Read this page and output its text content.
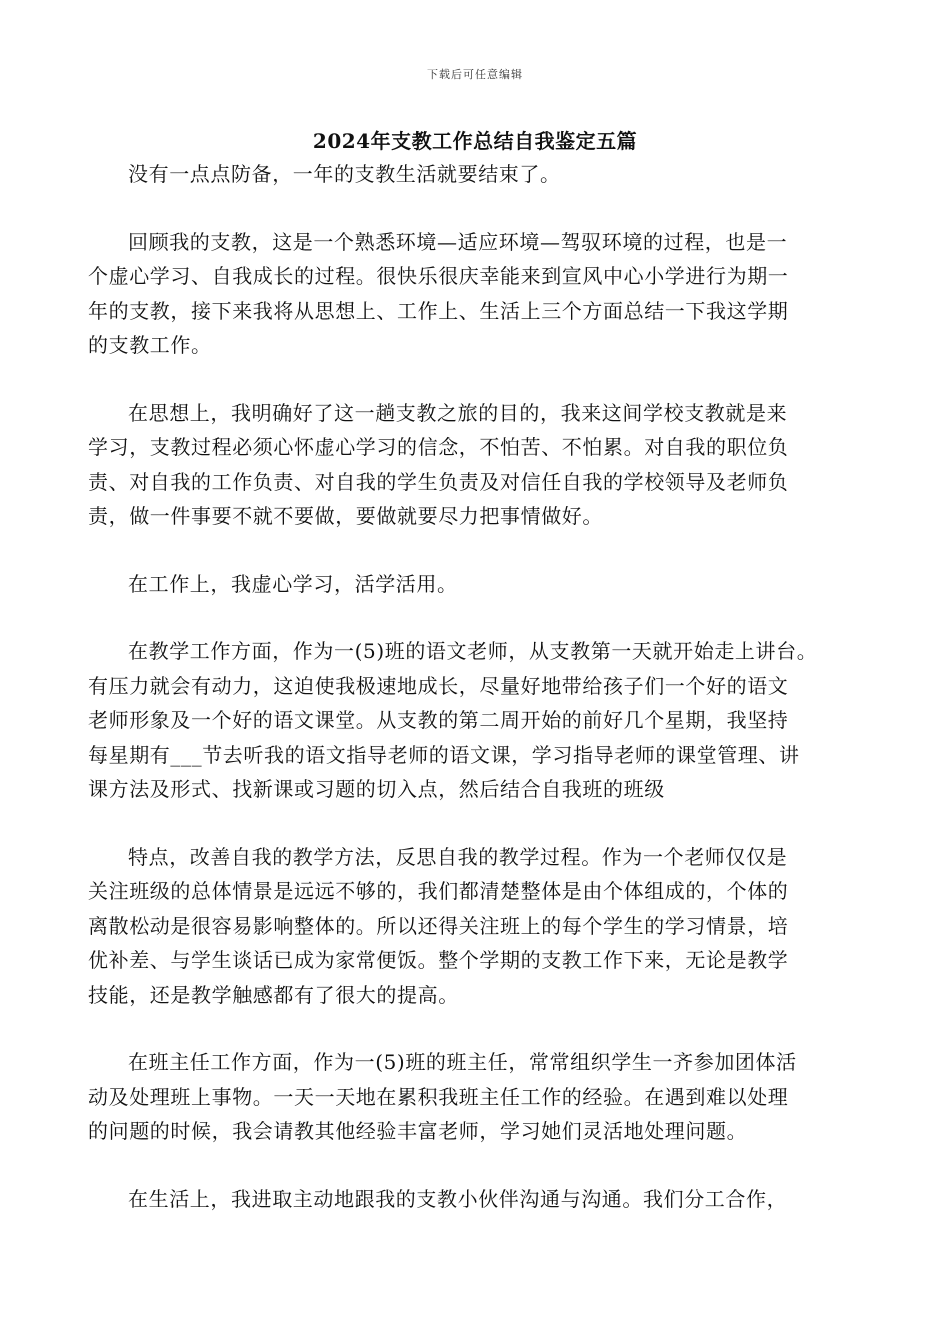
下载后可任意编辑
2024年支教工作总结自我鉴定五篇

没有一点点防备，一年的支教生活就要结束了。

回顾我的支教，这是一个熟悉环境—适应环境—驾驭环境的过程，也是一
个虚心学习、自我成长的过程。很快乐很庆幸能来到宣风中心小学进行为期一
年的支教，接下来我将从思想上、工作上、生活上三个方面总结一下我这学期
的支教工作。

在思想上，我明确好了这一趟支教之旅的目的，我来这间学校支教就是来
学习，支教过程必须心怀虚心学习的信念，不怕苦、不怕累。对自我的职位负
责、对自我的工作负责、对自我的学生负责及对信任自我的学校领导及老师负
责，做一件事要不就不要做，要做就要尽力把事情做好。

在工作上，我虚心学习，活学活用。

在教学工作方面，作为一(5)班的语文老师，从支教第一天就开始走上讲台。
有压力就会有动力，这迫使我极速地成长，尽量好地带给孩子们一个好的语文
老师形象及一个好的语文课堂。从支教的第二周开始的前好几个星期，我坚持
每星期有___节去听我的语文指导老师的语文课，学习指导老师的课堂管理、讲
课方法及形式、找新课或习题的切入点，然后结合自我班的班级

特点，改善自我的教学方法，反思自我的教学过程。作为一个老师仅仅是
关注班级的总体情景是远远不够的，我们都清楚整体是由个体组成的，个体的
离散松动是很容易影响整体的。所以还得关注班上的每个学生的学习情景，培
优补差、与学生谈话已成为家常便饭。整个学期的支教工作下来，无论是教学
技能，还是教学触感都有了很大的提高。

在班主任工作方面，作为一(5)班的班主任，常常组织学生一齐参加团体活
动及处理班上事物。一天一天地在累积我班主任工作的经验。在遇到难以处理
的问题的时候，我会请教其他经验丰富老师，学习她们灵活地处理问题。

在生活上，我进取主动地跟我的支教小伙伴沟通与沟通。我们分工合作，
